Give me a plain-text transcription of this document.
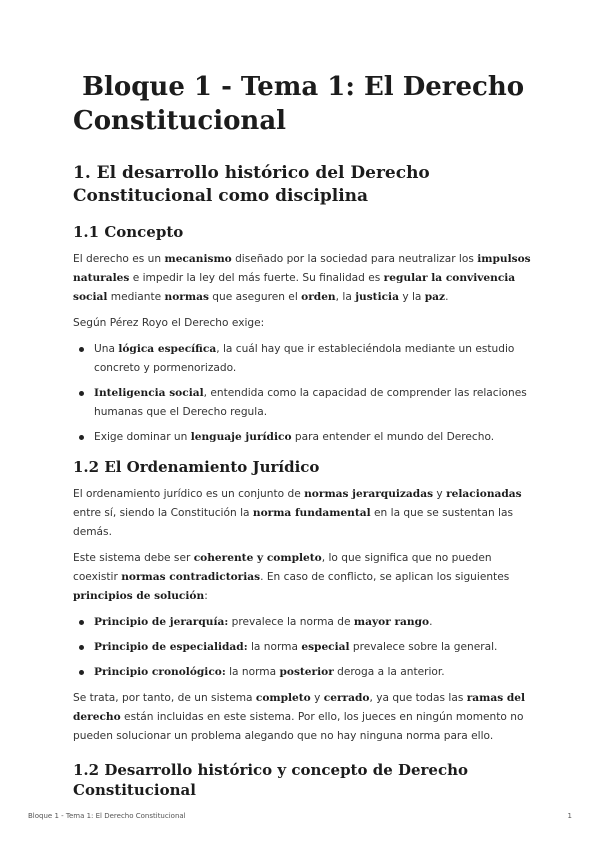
Bloque 1 - Tema 1: El Derecho Constitucional
1. El desarrollo histórico del Derecho Constitucional como disciplina
1.1 Concepto

El derecho es un mecanismo diseñado por la sociedad para neutralizar los impulsos naturales e impedir la ley del más fuerte. Su finalidad es regular la convivencia social mediante normas que aseguren el orden, la justicia y la paz.

Según Pérez Royo el Derecho exige:

Una lógica específica, la cuál hay que ir estableciéndola mediante un estudio concreto y pormenorizado.
Inteligencia social, entendida como la capacidad de comprender las relaciones humanas que el Derecho regula.
Exige dominar un lenguaje jurídico para entender el mundo del Derecho.
1.2 El Ordenamiento Jurídico

El ordenamiento jurídico es un conjunto de normas jerarquizadas y relacionadas entre sí, siendo la Constitución la norma fundamental en la que se sustentan las demás.

Este sistema debe ser coherente y completo, lo que significa que no pueden coexistir normas contradictorias. En caso de conflicto, se aplican los siguientes principios de solución:

Principio de jerarquía: prevalece la norma de mayor rango.
Principio de especialidad: la norma especial prevalece sobre la general.
Principio cronológico: la norma posterior deroga a la anterior.

Se trata, por tanto, de un sistema completo y cerrado, ya que todas las ramas del derecho están incluidas en este sistema. Por ello, los jueces en ningún momento no pueden solucionar un problema alegando que no hay ninguna norma para ello.

1.2 Desarrollo histórico y concepto de Derecho Constitucional
Bloque 1 - Tema 1: El Derecho Constitucional	1
